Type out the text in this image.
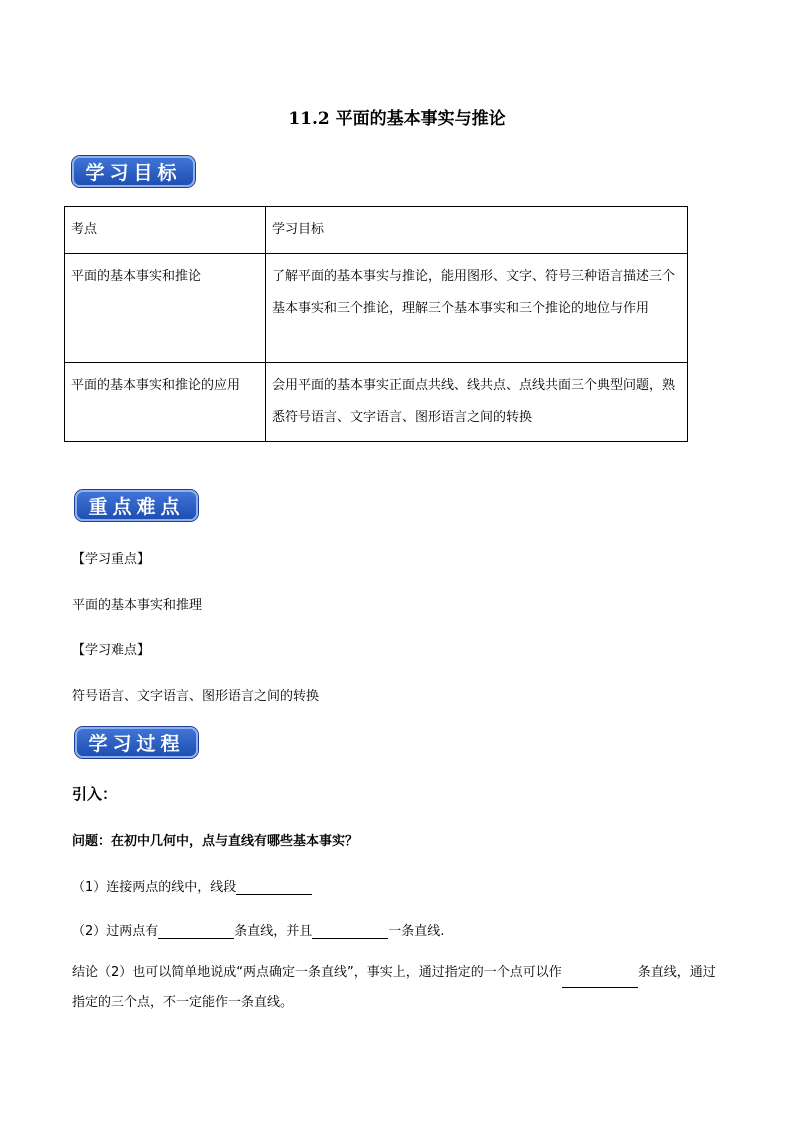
11.2 平面的基本事实与推论
学习目标
考点	学习目标
平面的基本事实和推论	了解平面的基本事实与推论，能用图形、文字、符号三种语言描述三个基本事实和三个推论，理解三个基本事实和三个推论的地位与作用
平面的基本事实和推论的应用	会用平面的基本事实正面点共线、线共点、点线共面三个典型问题，熟悉符号语言、文字语言、图形语言之间的转换
重点难点
【学习重点】
平面的基本事实和推理
【学习难点】
符号语言、文字语言、图形语言之间的转换
学习过程
引入：
问题：在初中几何中，点与直线有哪些基本事实？
（1）连接两点的线中，线段
（2）过两点有	条直线，并且	一条直线.
结论（2）也可以简单地说成“两点确定一条直线”，事实上，通过指定的一个点可以作	条直线，通过指定的三个点，不一定能作一条直线。
